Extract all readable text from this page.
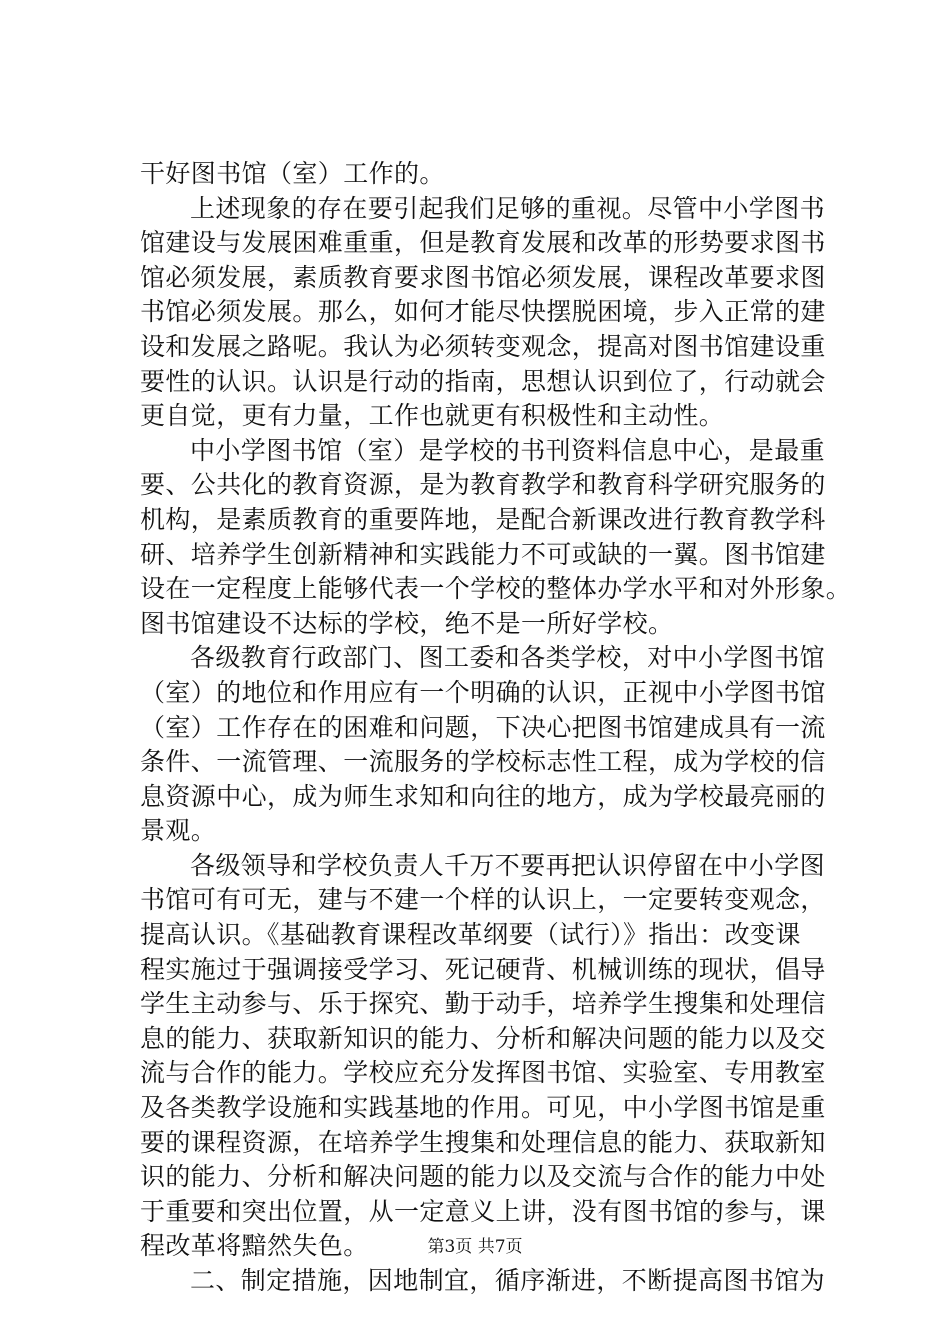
干好图书馆（室）工作的。
上述现象的存在要引起我们足够的重视。尽管中小学图书
馆建设与发展困难重重，但是教育发展和改革的形势要求图书
馆必须发展，素质教育要求图书馆必须发展，课程改革要求图
书馆必须发展。那么，如何才能尽快摆脱困境，步入正常的建
设和发展之路呢。我认为必须转变观念，提高对图书馆建设重
要性的认识。认识是行动的指南，思想认识到位了，行动就会
更自觉，更有力量，工作也就更有积极性和主动性。
中小学图书馆（室）是学校的书刊资料信息中心，是最重
要、公共化的教育资源，是为教育教学和教育科学研究服务的
机构，是素质教育的重要阵地，是配合新课改进行教育教学科
研、培养学生创新精神和实践能力不可或缺的一翼。图书馆建
设在一定程度上能够代表一个学校的整体办学水平和对外形象。
图书馆建设不达标的学校，绝不是一所好学校。
各级教育行政部门、图工委和各类学校，对中小学图书馆
（室）的地位和作用应有一个明确的认识，正视中小学图书馆
（室）工作存在的困难和问题，下决心把图书馆建成具有一流
条件、一流管理、一流服务的学校标志性工程，成为学校的信
息资源中心，成为师生求知和向往的地方，成为学校最亮丽的
景观。
各级领导和学校负责人千万不要再把认识停留在中小学图
书馆可有可无，建与不建一个样的认识上，一定要转变观念，
提高认识。《基础教育课程改革纲要（试行）》指出：改变课
程实施过于强调接受学习、死记硬背、机械训练的现状，倡导
学生主动参与、乐于探究、勤于动手，培养学生搜集和处理信
息的能力、获取新知识的能力、分析和解决问题的能力以及交
流与合作的能力。学校应充分发挥图书馆、实验室、专用教室
及各类教学设施和实践基地的作用。可见，中小学图书馆是重
要的课程资源，在培养学生搜集和处理信息的能力、获取新知
识的能力、分析和解决问题的能力以及交流与合作的能力中处
于重要和突出位置，从一定意义上讲，没有图书馆的参与，课
程改革将黯然失色。
二、制定措施，因地制宜，循序渐进，不断提高图书馆为
第3页 共7页
